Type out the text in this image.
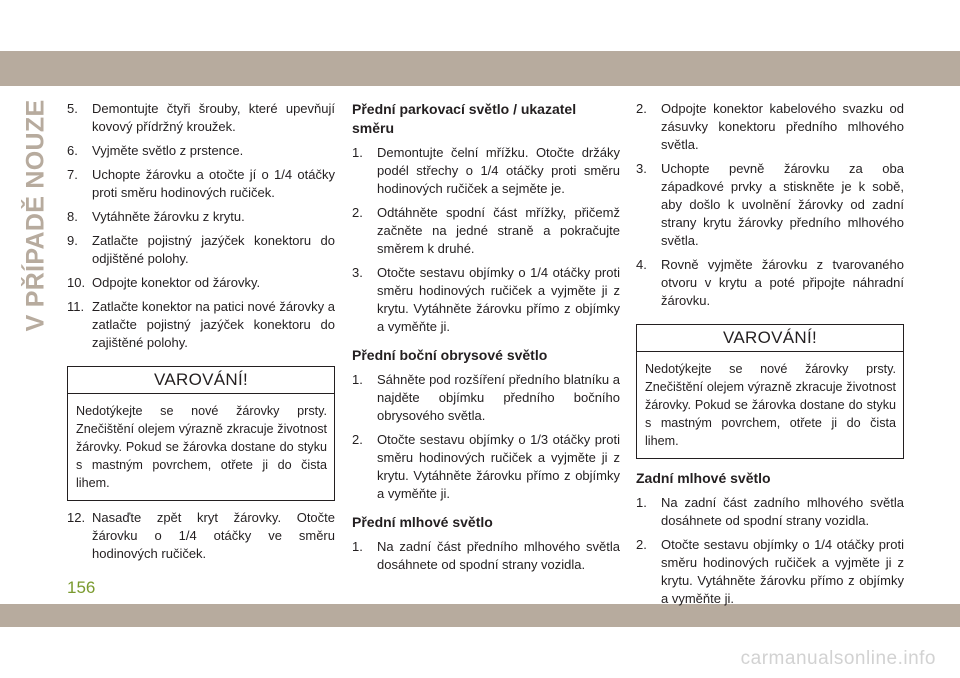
V PŘÍPADĚ NOUZE
156
5. Demontujte čtyři šrouby, které upevňují kovový přídržný kroužek.
6. Vyjměte světlo z prstence.
7. Uchopte žárovku a otočte jí o 1/4 otáčky proti směru hodinových ručiček.
8. Vytáhněte žárovku z krytu.
9. Zatlačte pojistný jazýček konektoru do odjištěné polohy.
10. Odpojte konektor od žárovky.
11. Zatlačte konektor na patici nové žárovky a zatlačte pojistný jazýček konektoru do zajištěné polohy.
VAROVÁNÍ!
Nedotýkejte se nové žárovky prsty. Znečištění olejem výrazně zkracuje životnost žárovky. Pokud se žárovka dostane do styku s mastným povrchem, otřete ji do čista lihem.
12. Nasaďte zpět kryt žárovky. Otočte žárovku o 1/4 otáčky ve směru hodinových ručiček.
Přední parkovací světlo / ukazatel směru
1. Demontujte čelní mřížku. Otočte držáky podél střechy o 1/4 otáčky proti směru hodinových ručiček a sejměte je.
2. Odtáhněte spodní část mřížky, přičemž začněte na jedné straně a pokračujte směrem k druhé.
3. Otočte sestavu objímky o 1/4 otáčky proti směru hodinových ručiček a vyjměte ji z krytu. Vytáhněte žárovku přímo z objímky a vyměňte ji.
Přední boční obrysové světlo
1. Sáhněte pod rozšíření předního blatníku a najděte objímku předního bočního obrysového světla.
2. Otočte sestavu objímky o 1/3 otáčky proti směru hodinových ručiček a vyjměte ji z krytu. Vytáhněte žárovku přímo z objímky a vyměňte ji.
Přední mlhové světlo
1. Na zadní část předního mlhového světla dosáhnete od spodní strany vozidla.
2. Odpojte konektor kabelového svazku od zásuvky konektoru předního mlhového světla.
3. Uchopte pevně žárovku za oba západkové prvky a stiskněte je k sobě, aby došlo k uvolnění žárovky od zadní strany krytu žárovky předního mlhového světla.
4. Rovně vyjměte žárovku z tvarovaného otvoru v krytu a poté připojte náhradní žárovku.
VAROVÁNÍ!
Nedotýkejte se nové žárovky prsty. Znečištění olejem výrazně zkracuje životnost žárovky. Pokud se žárovka dostane do styku s mastným povrchem, otřete ji do čista lihem.
Zadní mlhové světlo
1. Na zadní část zadního mlhového světla dosáhnete od spodní strany vozidla.
2. Otočte sestavu objímky o 1/4 otáčky proti směru hodinových ručiček a vyjměte ji z krytu. Vytáhněte žárovku přímo z objímky a vyměňte ji.
carmanualsonline.info
